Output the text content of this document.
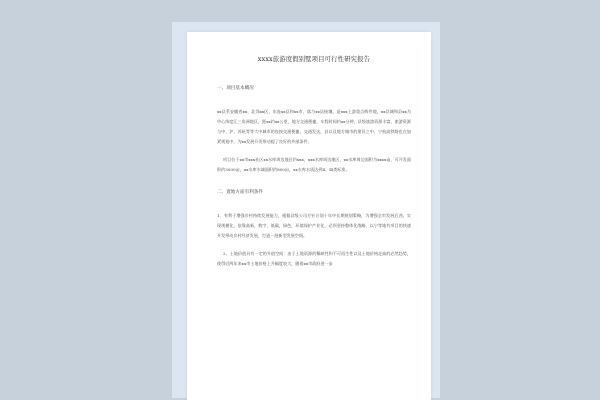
xxxx旅游度假别墅项目可行性研究报告
一、项目基本概况

xx县系安徽省xx、北邻xx区，东连xx县和xx市，落与xx县接壤，是xxx上游重点辉件地，xx县城和县xx为中心纬度江三角洲地区，距xx约xx公里，地方交通便捷，车程时间约xx分钟，县级旅游资源丰富，旅游资源与中、沪、苏杭等等大中城市的连接交通便捷，交通发达，县以及地方城市的建设之中，宁杭高铁路也在加紧规划中，为xx发展开发带动提了良好的外部条件。

项目位于xx市xxx社区xx水库周边地区约xxx，xxx水库周边地区，xx水库周边面积为xxxx亩，可开发面积约3000亩，xx水库水域面积约800亩，xx水库水质达到Ⅱ、Ⅲ类标准。

二、置地方面有利条件

1、有利于增强乡村持续发展能力，根据县级公司方针计划十年中长期规划策略，为增强全市发展后劲，实现规模化，依靠高新，数字、低碳，绿色，环境保护产业化，必须坚持整体化战略，以宁等地有项目的快速开发带动乡村经济发展，打造一批新型发展空间。

2、土地价值具有一定的升值空间：由于土地资源的稀缺性和不可再生性以及土地价格走高的必然趋势，使得近两年来xx市土地价格上升幅度较大，随着xx市政府进一步
